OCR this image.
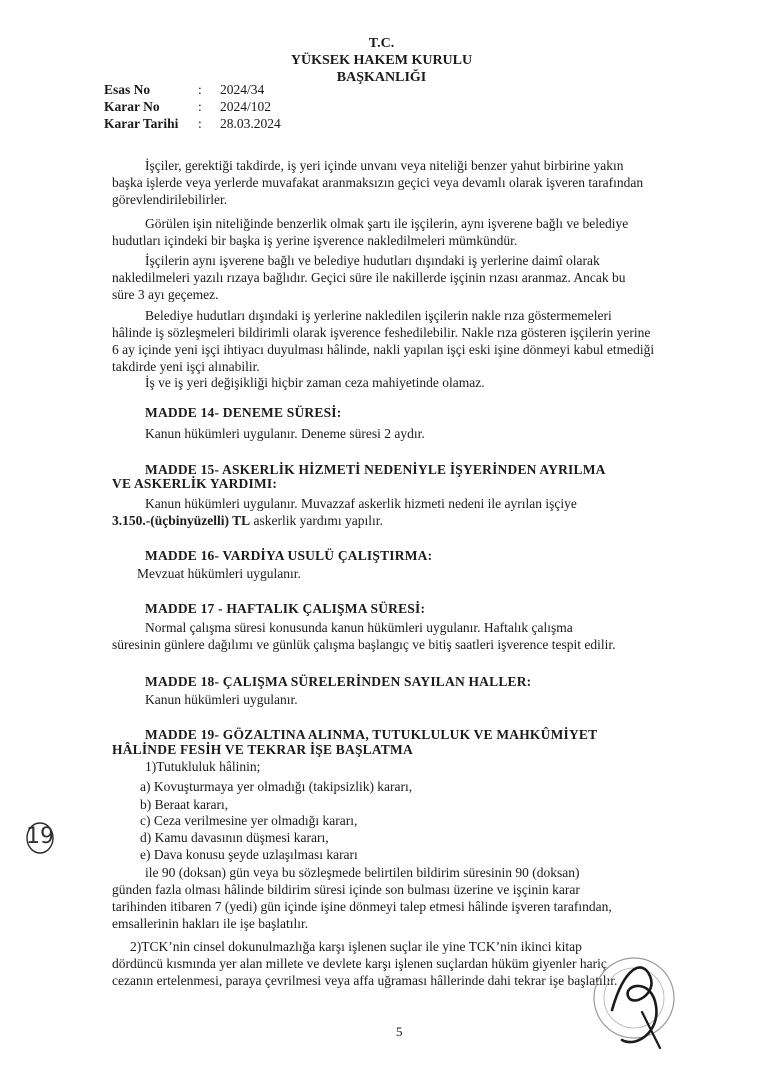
T.C.
YÜKSEK HAKEM KURULU
BAŞKANLIĞI
Esas No	: 2024/34
Karar No	: 2024/102
Karar Tarihi : 28.03.2024
İşçiler, gerektiği takdirde, iş yeri içinde unvanı veya niteliği benzer yahut birbirine yakın
başka işlerde veya yerlerde muvafakat aranmaksızın geçici veya devamlı olarak işveren tarafından
görevlendirilebilirler.
Görülen işin niteliğinde benzerlik olmak şartı ile işçilerin, aynı işverene bağlı ve belediye
hudutları içindeki bir başka iş yerine işverence nakledilmeleri mümkündür.
İşçilerin aynı işverene bağlı ve belediye hudutları dışındaki iş yerlerine daimî olarak
nakledilmeleri yazılı rızaya bağlıdır. Geçici süre ile nakillerde işçinin rızası aranmaz. Ancak bu
süre 3 ayı geçemez.
Belediye hudutları dışındaki iş yerlerine nakledilen işçilerin nakle rıza göstermemeleri
hâlinde iş sözleşmeleri bildirimli olarak işverence feshedilebilir. Nakle rıza gösteren işçilerin yerine
6 ay içinde yeni işçi ihtiyacı duyulması hâlinde, nakli yapılan işçi eski işine dönmeyi kabul etmediği
takdirde yeni işçi alınabilir.
İş ve iş yeri değişikliği hiçbir zaman ceza mahiyetinde olamaz.
MADDE 14- DENEME SÜRESİ:
Kanun hükümleri uygulanır. Deneme süresi 2 aydır.
MADDE 15- ASKERLİK HİZMETİ NEDENİYLE İŞYERİNDEN AYRILMA
VE ASKERLİK YARDIMI:
Kanun hükümleri uygulanır. Muvazzaf askerlik hizmeti nedeni ile ayrılan işçiye
3.150.-(üçbinyüzelli) TL askerlik yardımı yapılır.
MADDE 16- VARDİYA USULÜ ÇALIŞTIRMA:
Mevzuat hükümleri uygulanır.
MADDE 17 - HAFTALIK ÇALIŞMA SÜRESİ:
Normal çalışma süresi konusunda kanun hükümleri uygulanır. Haftalık çalışma
süresinin günlere dağılımı ve günlük çalışma başlangıç ve bitiş saatleri işverence tespit edilir.
MADDE 18- ÇALIŞMA SÜRELERİNDEN SAYILAN HALLER:
Kanun hükümleri uygulanır.
MADDE 19- GÖZALTINA ALINMA, TUTUKLULUK VE MAHKÛMİYET
HÂLİNDE FESİH VE TEKRAR İŞE BAŞLATMA
1)Tutukluluk hâlinin;
a) Kovuşturmaya yer olmadığı (takipsizlik) kararı,
b) Beraat kararı,
c) Ceza verilmesine yer olmadığı kararı,
d) Kamu davasının düşmesi kararı,
e) Dava konusu şeyde uzlaşılması kararı
ile 90 (doksan) gün veya bu sözleşmede belirtilen bildirim süresinin 90 (doksan)
günden fazla olması hâlinde bildirim süresi içinde son bulması üzerine ve işçinin karar
tarihinden itibaren 7 (yedi) gün içinde işine dönmeyi talep etmesi hâlinde işveren tarafından,
emsallerinin hakları ile işe başlatılır.
2)TCK’nin cinsel dokunulmazlığa karşı işlenen suçlar ile yine TCK’nin ikinci kitap
dördüncü kısmında yer alan millete ve devlete karşı işlenen suçlardan hüküm giyenler hariç
cezanın ertelenmesi, paraya çevrilmesi veya affa uğraması hâllerinde dahi tekrar işe başlatılır.
19
5
